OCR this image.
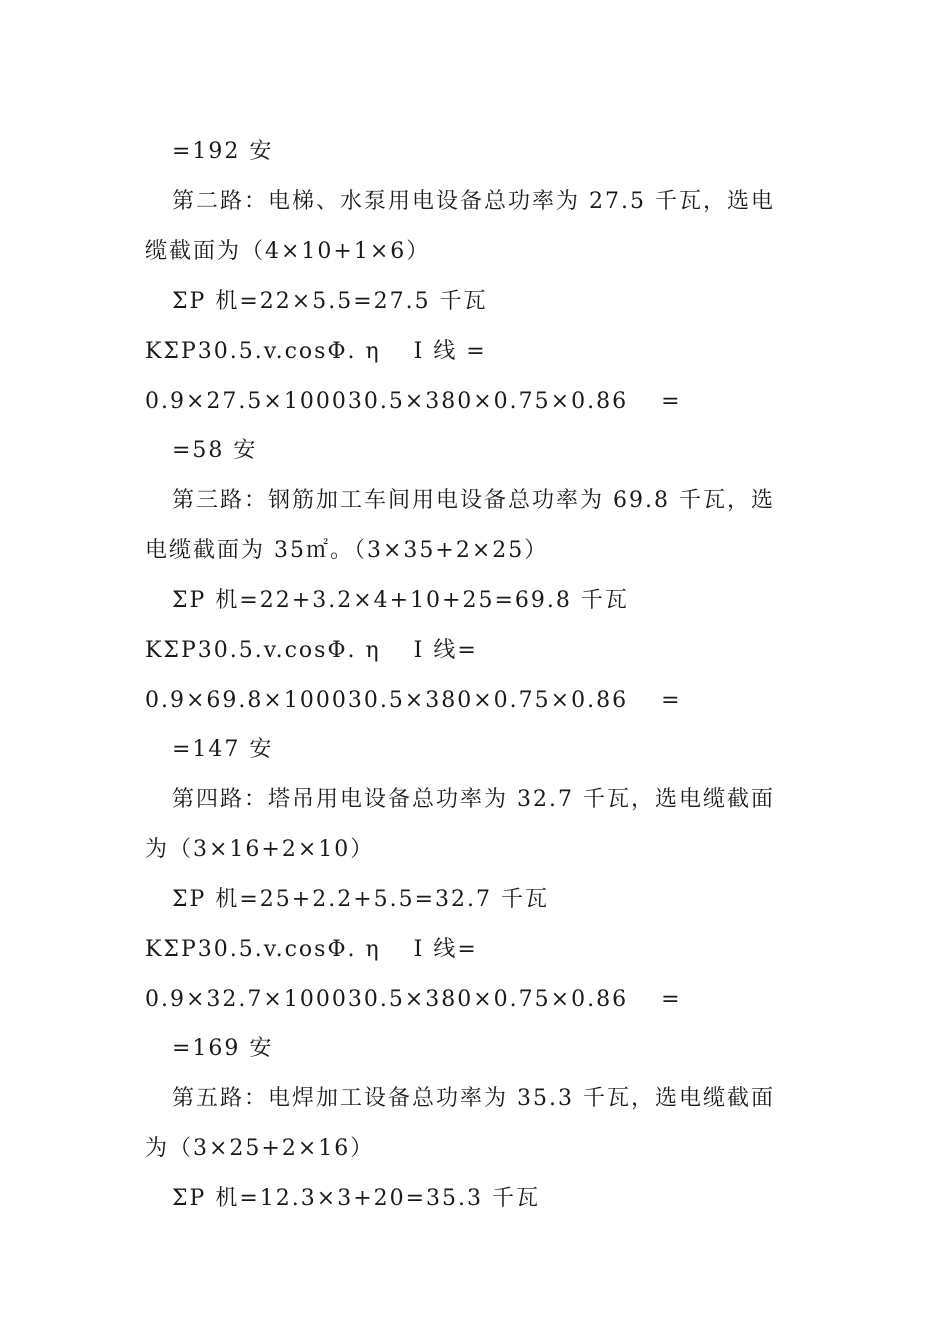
=192 安
第二路：电梯、水泵用电设备总功率为 27.5 千瓦，选电
缆截面为（4×10+1×6）
ΣP 机=22×5.5=27.5 千瓦
KΣP30.5.v.cosΦ. η　 I 线 =
0.9×27.5×100030.5×380×0.75×0.86　 =
=58 安
第三路：钢筋加工车间用电设备总功率为 69.8 千瓦，选
电缆截面为 35㎡。（3×35+2×25）
ΣP 机=22+3.2×4+10+25=69.8 千瓦
KΣP30.5.v.cosΦ. η　 I 线=
0.9×69.8×100030.5×380×0.75×0.86　 =
=147 安
第四路：塔吊用电设备总功率为 32.7 千瓦，选电缆截面
为（3×16+2×10）
ΣP 机=25+2.2+5.5=32.7 千瓦
KΣP30.5.v.cosΦ. η　 I 线=
0.9×32.7×100030.5×380×0.75×0.86　 =
=169 安
第五路：电焊加工设备总功率为 35.3 千瓦，选电缆截面
为（3×25+2×16）
ΣP 机=12.3×3+20=35.3 千瓦
